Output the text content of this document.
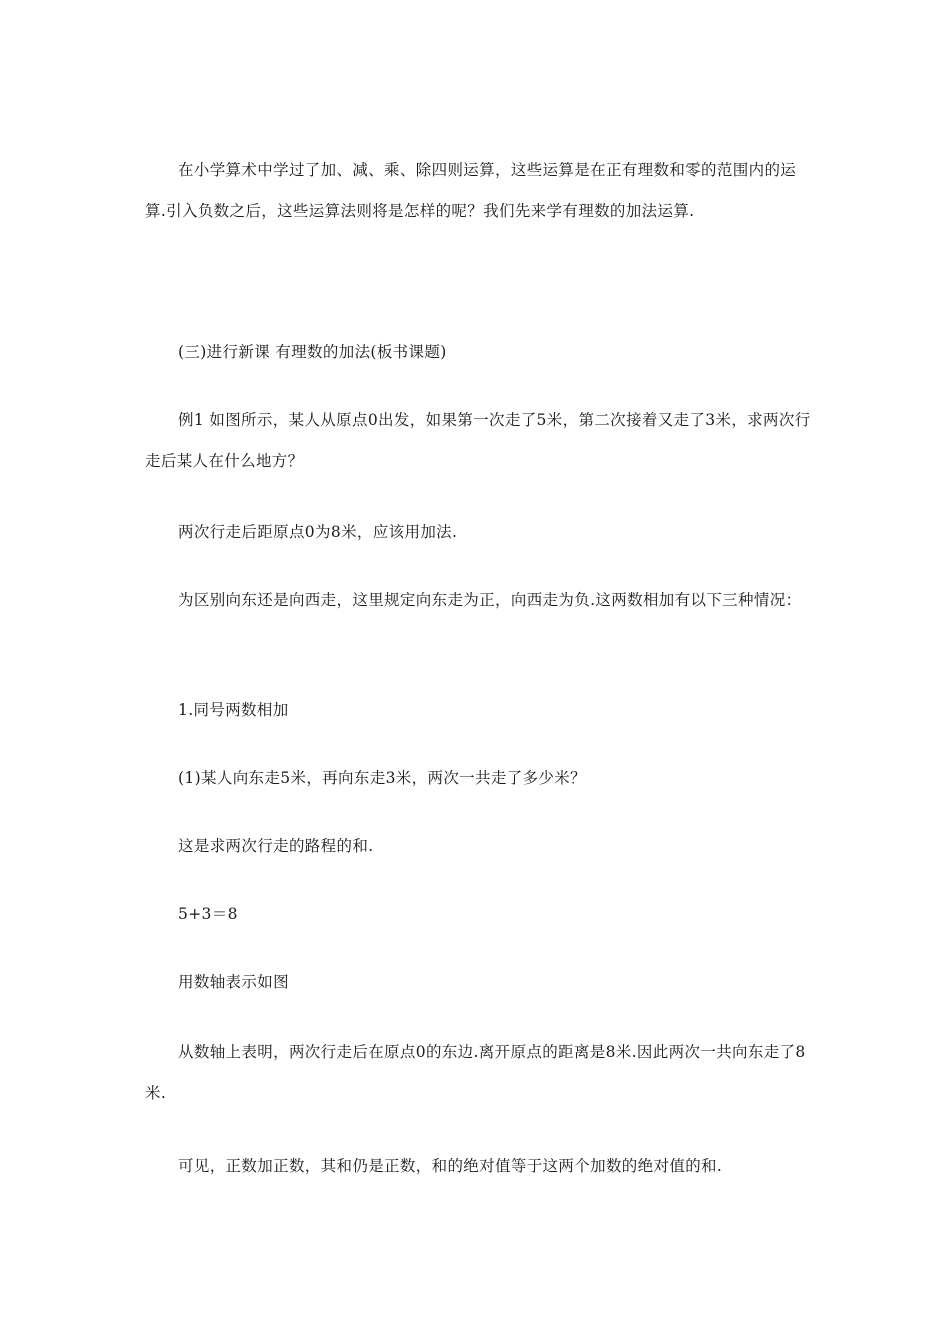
在小学算术中学过了加、减、乘、除四则运算，这些运算是在正有理数和零的范围内的运算.引入负数之后，这些运算法则将是怎样的呢？我们先来学有理数的加法运算.

(三)进行新课 有理数的加法(板书课题)

例1 如图所示，某人从原点0出发，如果第一次走了5米，第二次接着又走了3米，求两次行走后某人在什么地方？

两次行走后距原点0为8米，应该用加法.

为区别向东还是向西走，这里规定向东走为正，向西走为负.这两数相加有以下三种情况：

1.同号两数相加

(1)某人向东走5米，再向东走3米，两次一共走了多少米？

这是求两次行走的路程的和.

5+3＝8

用数轴表示如图

从数轴上表明，两次行走后在原点0的东边.离开原点的距离是8米.因此两次一共向东走了8米.

可见，正数加正数，其和仍是正数，和的绝对值等于这两个加数的绝对值的和.
